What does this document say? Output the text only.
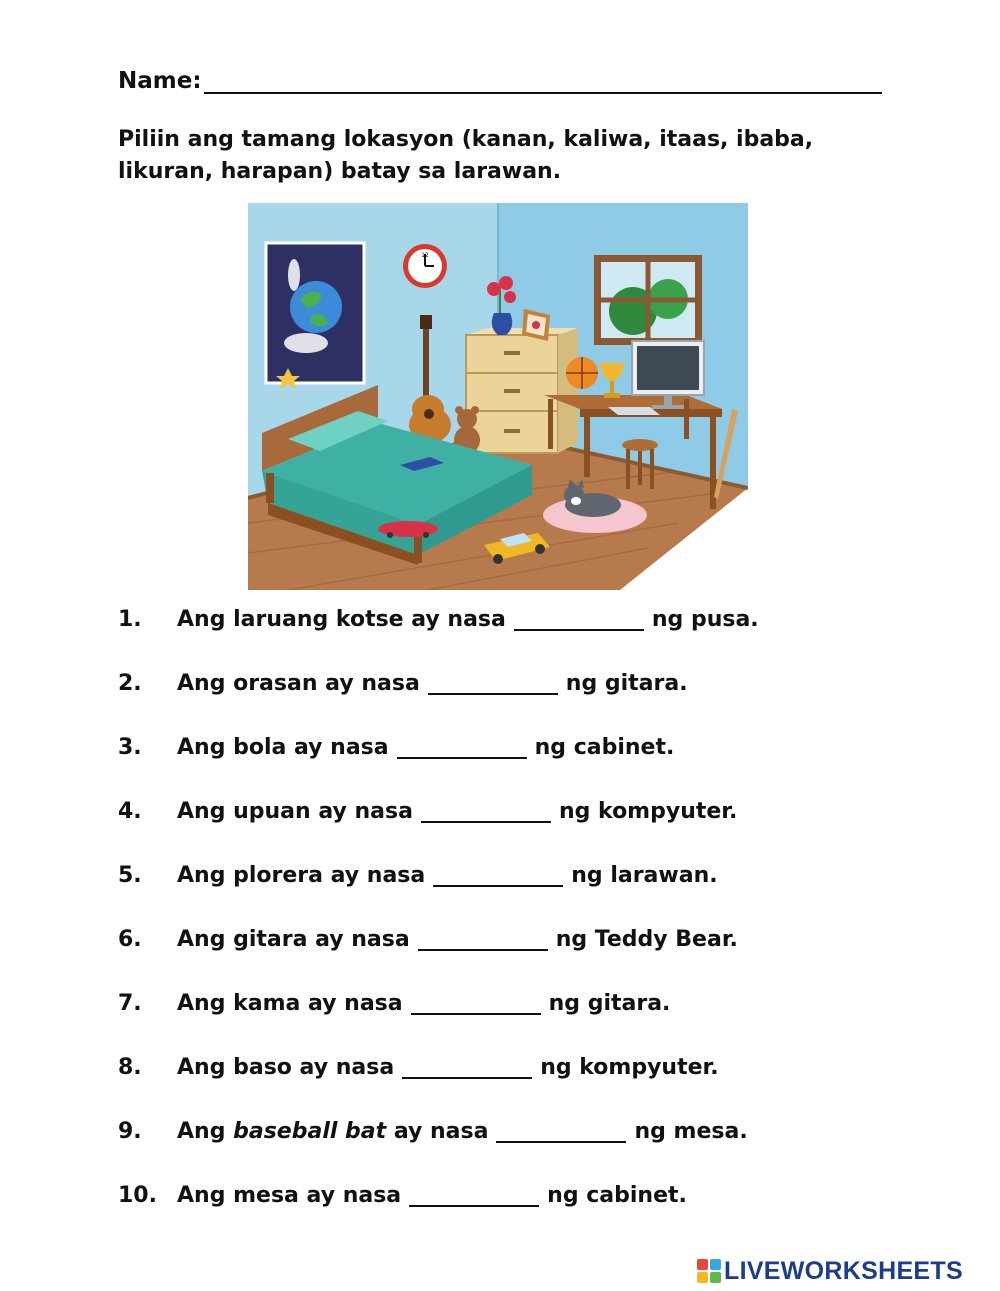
Name:
Piliin ang tamang lokasyon (kanan, kaliwa, itaas, ibaba, likuran, harapan) batay sa larawan.
12
1.	Ang laruang kotse ay nasa	ng pusa.
2.	Ang orasan ay nasa	ng gitara.
3.	Ang bola ay nasa	ng cabinet.
4.	Ang upuan ay nasa	ng kompyuter.
5.	Ang plorera ay nasa	ng larawan.
6.	Ang gitara ay nasa	ng Teddy Bear.
7.	Ang kama ay nasa	ng gitara.
8.	Ang baso ay nasa	ng kompyuter.
9.	Ang
baseball bat
ay nasa	ng mesa.
10. Ang mesa ay nasa	ng cabinet.
LIVEWORKSHEETS
